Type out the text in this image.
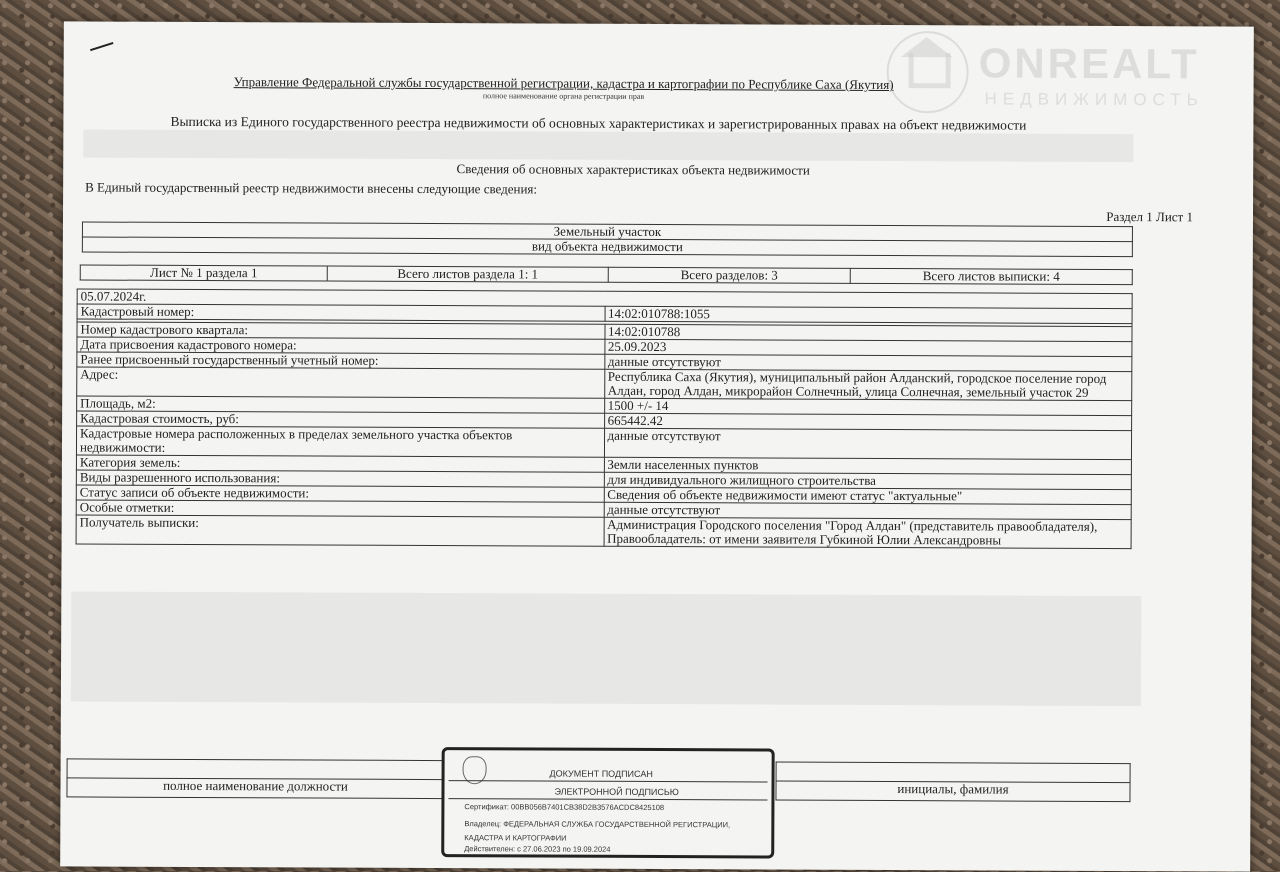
ONREALT
НЕДВИЖИМОСТЬ
Управление Федеральной службы государственной регистрации, кадастра и картографии по Республике Саха (Якутия)
полное наименование органа регистрации прав
Выписка из Единого государственного реестра недвижимости об основных характеристиках и зарегистрированных правах на объект недвижимости
Сведения об основных характеристиках объекта недвижимости
В Единый государственный реестр недвижимости внесены следующие сведения:
Раздел 1 Лист 1
Земельный участок
вид объекта недвижимости
Лист № 1 раздела 1	Всего листов раздела 1: 1	Всего разделов: 3	Всего листов выписки: 4
05.07.2024г.	
Кадастровый номер:	14:02:010788:1055

Номер кадастрового квартала:	14:02:010788
Дата присвоения кадастрового номера:	25.09.2023
Ранее присвоенный государственный учетный номер:	данные отсутствуют
Адрес:	Республика Саха (Якутия), муниципальный район Алданский, городское поселение город Алдан, город Алдан, микрорайон Солнечный, улица Солнечная, земельный участок 29
Площадь, м2:	1500 +/- 14
Кадастровая стоимость, руб:	665442.42
Кадастровые номера расположенных в пределах земельного участка объектов недвижимости:	данные отсутствуют
Категория земель:	Земли населенных пунктов
Виды разрешенного использования:	для индивидуального жилищного строительства
Статус записи об объекте недвижимости:	Сведения об объекте недвижимости имеют статус "актуальные"
Особые отметки:	данные отсутствуют
Получатель выписки:	Администрация Городского поселения "Город Алдан" (представитель правообладателя), Правообладатель: от имени заявителя Губкиной Юлии Александровны

полное наименование должности		инициалы, фамилия
ДОКУМЕНТ ПОДПИСАН
ЭЛЕКТРОННОЙ ПОДПИСЬЮ
Сертификат: 00BB056B7401CB38D2B3576ACDC8425108
Владелец: ФЕДЕРАЛЬНАЯ СЛУЖБА ГОСУДАРСТВЕННОЙ РЕГИСТРАЦИИ, КАДАСТРА И КАРТОГРАФИИ
Действителен: с 27.06.2023 по 19.09.2024
